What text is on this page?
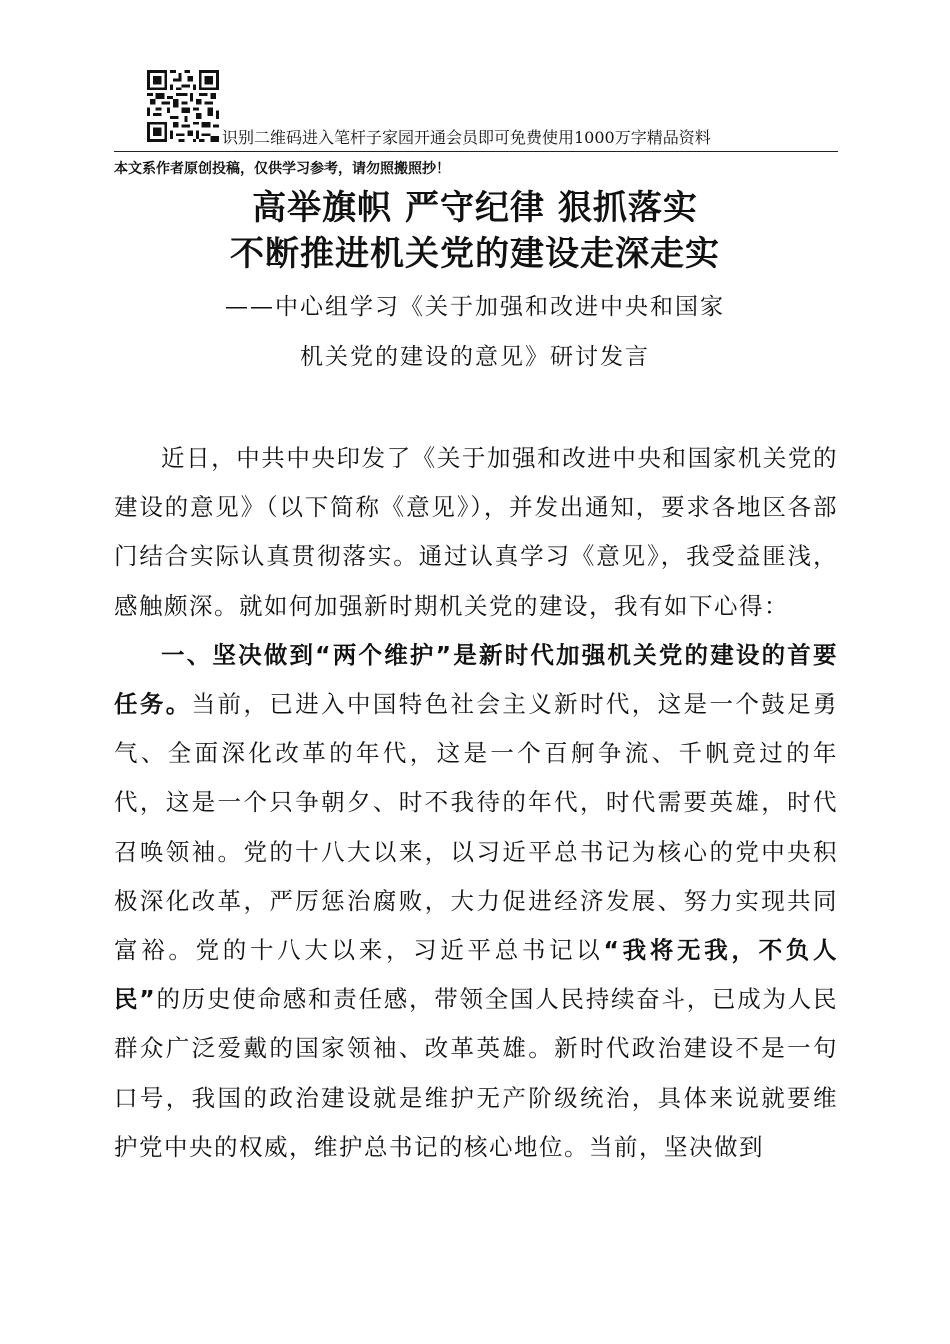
识别二维码进入笔杆子家园开通会员即可免费使用1000万字精品资料
本文系作者原创投稿，仅供学习参考，请勿照搬照抄！
高举旗帜 严守纪律 狠抓落实
不断推进机关党的建设走深走实
——中心组学习《关于加强和改进中央和国家
机关党的建设的意见》研讨发言

近日，中共中央印发了《关于加强和改进中央和国家机关党的建设的意见》（以下简称《意见》），并发出通知，要求各地区各部门结合实际认真贯彻落实。通过认真学习《意见》，我受益匪浅，感触颇深。就如何加强新时期机关党的建设，我有如下心得：

一、坚决做到“两个维护”是新时代加强机关党的建设的首要任务。当前，已进入中国特色社会主义新时代，这是一个鼓足勇气、全面深化改革的年代，这是一个百舸争流、千帆竞过的年代，这是一个只争朝夕、时不我待的年代，时代需要英雄，时代召唤领袖。党的十八大以来，以习近平总书记为核心的党中央积极深化改革，严厉惩治腐败，大力促进经济发展、努力实现共同富裕。党的十八大以来，习近平总书记以“我将无我，不负人民”的历史使命感和责任感，带领全国人民持续奋斗，已成为人民群众广泛爱戴的国家领袖、改革英雄。新时代政治建设不是一句口号，我国的政治建设就是维护无产阶级统治，具体来说就要维护党中央的权威，维护总书记的核心地位。当前，坚决做到
